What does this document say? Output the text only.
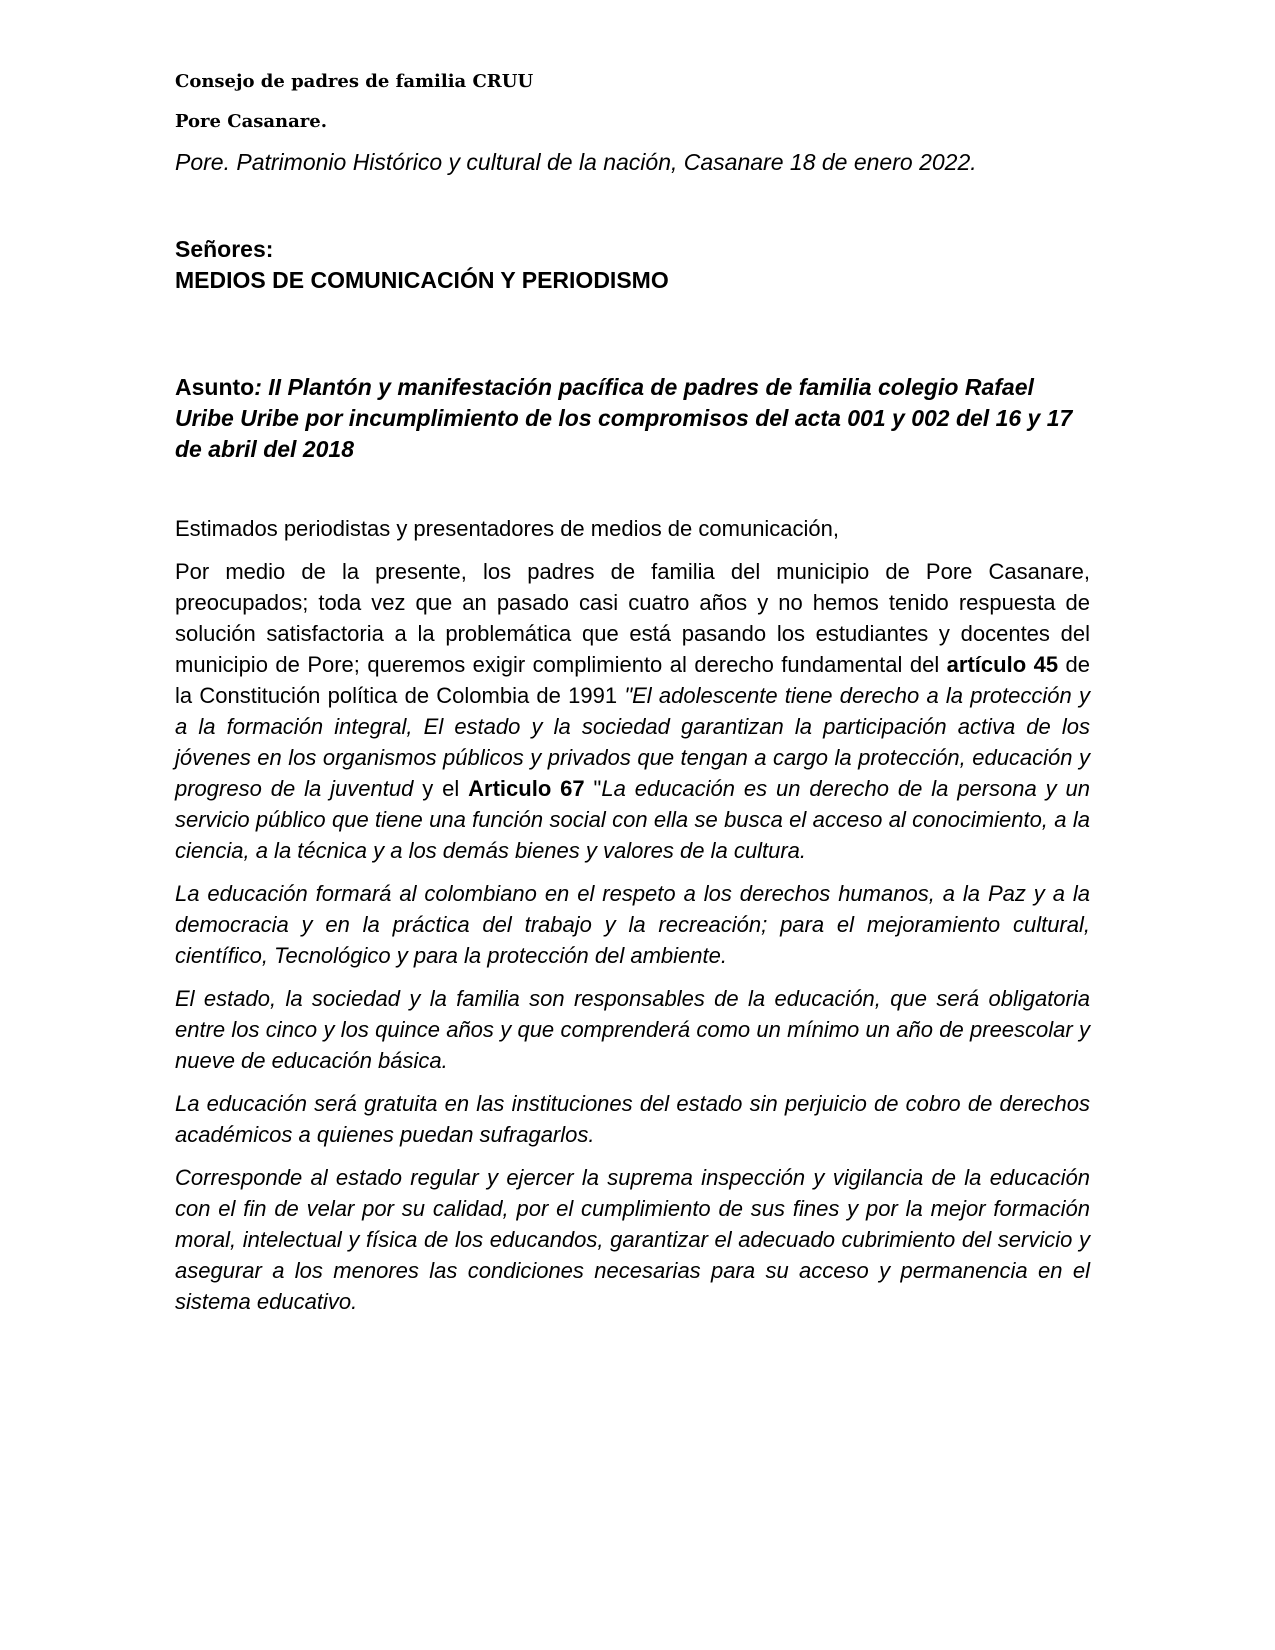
Consejo de padres de familia CRUU

Pore Casanare.

Pore. Patrimonio Histórico y cultural de la nación, Casanare 18 de enero 2022.

Señores:
MEDIOS DE COMUNICACIÓN Y PERIODISMO

Asunto: II Plantón y manifestación pacífica de padres de familia colegio Rafael Uribe Uribe por incumplimiento de los compromisos del acta 001 y 002 del 16 y 17 de abril del 2018

Estimados periodistas y presentadores de medios de comunicación,

Por medio de la presente, los padres de familia del municipio de Pore Casanare, preocupados; toda vez que an pasado casi cuatro años y no hemos tenido respuesta de solución satisfactoria a la problemática que está pasando los estudiantes y docentes del municipio de Pore; queremos exigir complimiento al derecho fundamental del artículo 45 de la Constitución política de Colombia de 1991 "El adolescente tiene derecho a la protección y a la formación integral, El estado y la sociedad garantizan la participación activa de los jóvenes en los organismos públicos y privados que tengan a cargo la protección, educación y progreso de la juventud y el Articulo 67 "La educación es un derecho de la persona y un servicio público que tiene una función social con ella se busca el acceso al conocimiento, a la ciencia, a la técnica y a los demás bienes y valores de la cultura.

La educación formará al colombiano en el respeto a los derechos humanos, a la Paz y a la democracia y en la práctica del trabajo y la recreación; para el mejoramiento cultural, científico, Tecnológico y para la protección del ambiente.

El estado, la sociedad y la familia son responsables de la educación, que será obligatoria entre los cinco y los quince años y que comprenderá como un mínimo un año de preescolar y nueve de educación básica.

La educación será gratuita en las instituciones del estado sin perjuicio de cobro de derechos académicos a quienes puedan sufragarlos.

Corresponde al estado regular y ejercer la suprema inspección y vigilancia de la educación con el fin de velar por su calidad, por el cumplimiento de sus fines y por la mejor formación moral, intelectual y física de los educandos, garantizar el adecuado cubrimiento del servicio y asegurar a los menores las condiciones necesarias para su acceso y permanencia en el sistema educativo.
